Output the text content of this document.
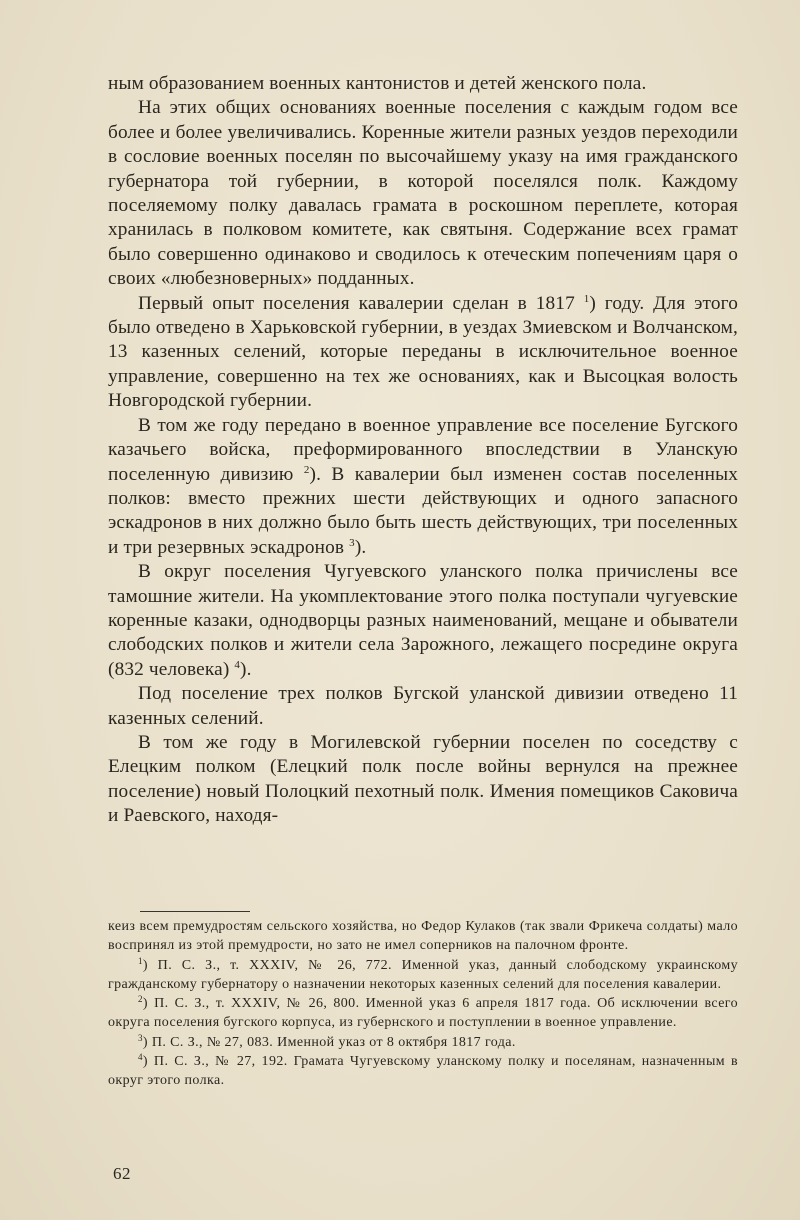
ным образованием военных кантонистов и детей женского пола.

На этих общих основаниях военные поселения с каждым годом все более и более увеличивались. Коренные жители разных уездов переходили в сословие военных поселян по высочайшему указу на имя гражданского губернатора той губернии, в которой поселялся полк. Каждому поселяемому полку давалась грамата в роскошном переплете, которая хранилась в полковом комитете, как святыня. Содержание всех грамат было совершенно одинаково и сводилось к отеческим попечениям царя о своих «любезноверных» подданных.

Первый опыт поселения кавалерии сделан в 1817 $^1$) году. Для этого было отведено в Харьковской губернии, в уездах Змиевском и Волчанском, 13 казенных селений, которые переданы в исключительное военное управление, совершенно на тех же основаниях, как и Высоцкая волость Новгородской губернии.

В том же году передано в военное управление все поселение Бугского казачьего войска, преформированного впоследствии в Уланскую поселенную дивизию $^2$). В кавалерии был изменен состав поселенных полков: вместо прежних шести действующих и одного запасного эскадронов в них должно было быть шесть действующих, три поселенных и три резервных эскадронов $^3$).

В округ поселения Чугуевского уланского полка причислены все тамошние жители. На укомплектование этого полка поступали чугуевские коренные казаки, однодворцы разных наименований, мещане и обыватели слободских полков и жители села Зарожного, лежащего посредине округа (832 человека) $^4$).

Под поселение трех полков Бугской уланской дивизии отведено 11 казенных селений.

В том же году в Могилевской губернии поселен по соседству с Елецким полком (Елецкий полк после войны вернулся на прежнее поселение) новый Полоцкий пехотный полк. Имения помещиков Саковича и Раевского, находя-

кеиз всем премудростям сельского хозяйства, но Федор Кулаков (так звали Фрикеча солдаты) мало воспринял из этой премудрости, но зато не имел соперников на палочном фронте.

$^1$) П. С. З., т. XXXIV, № 26, 772. Именной указ, данный слободскому украинскому гражданскому губернатору о назначении некоторых казенных селений для поселения кавалерии.

$^2$) П. С. З., т. XXXIV, № 26, 800. Именной указ 6 апреля 1817 года. Об исключении всего округа поселения бугского корпуса, из губернского и поступлении в военное управление.

$^3$) П. С. З., № 27, 083. Именной указ от 8 октября 1817 года.

$^4$) П. С. З., № 27, 192. Грамата Чугуевскому уланскому полку и поселянам, назначенным в округ этого полка.

62
